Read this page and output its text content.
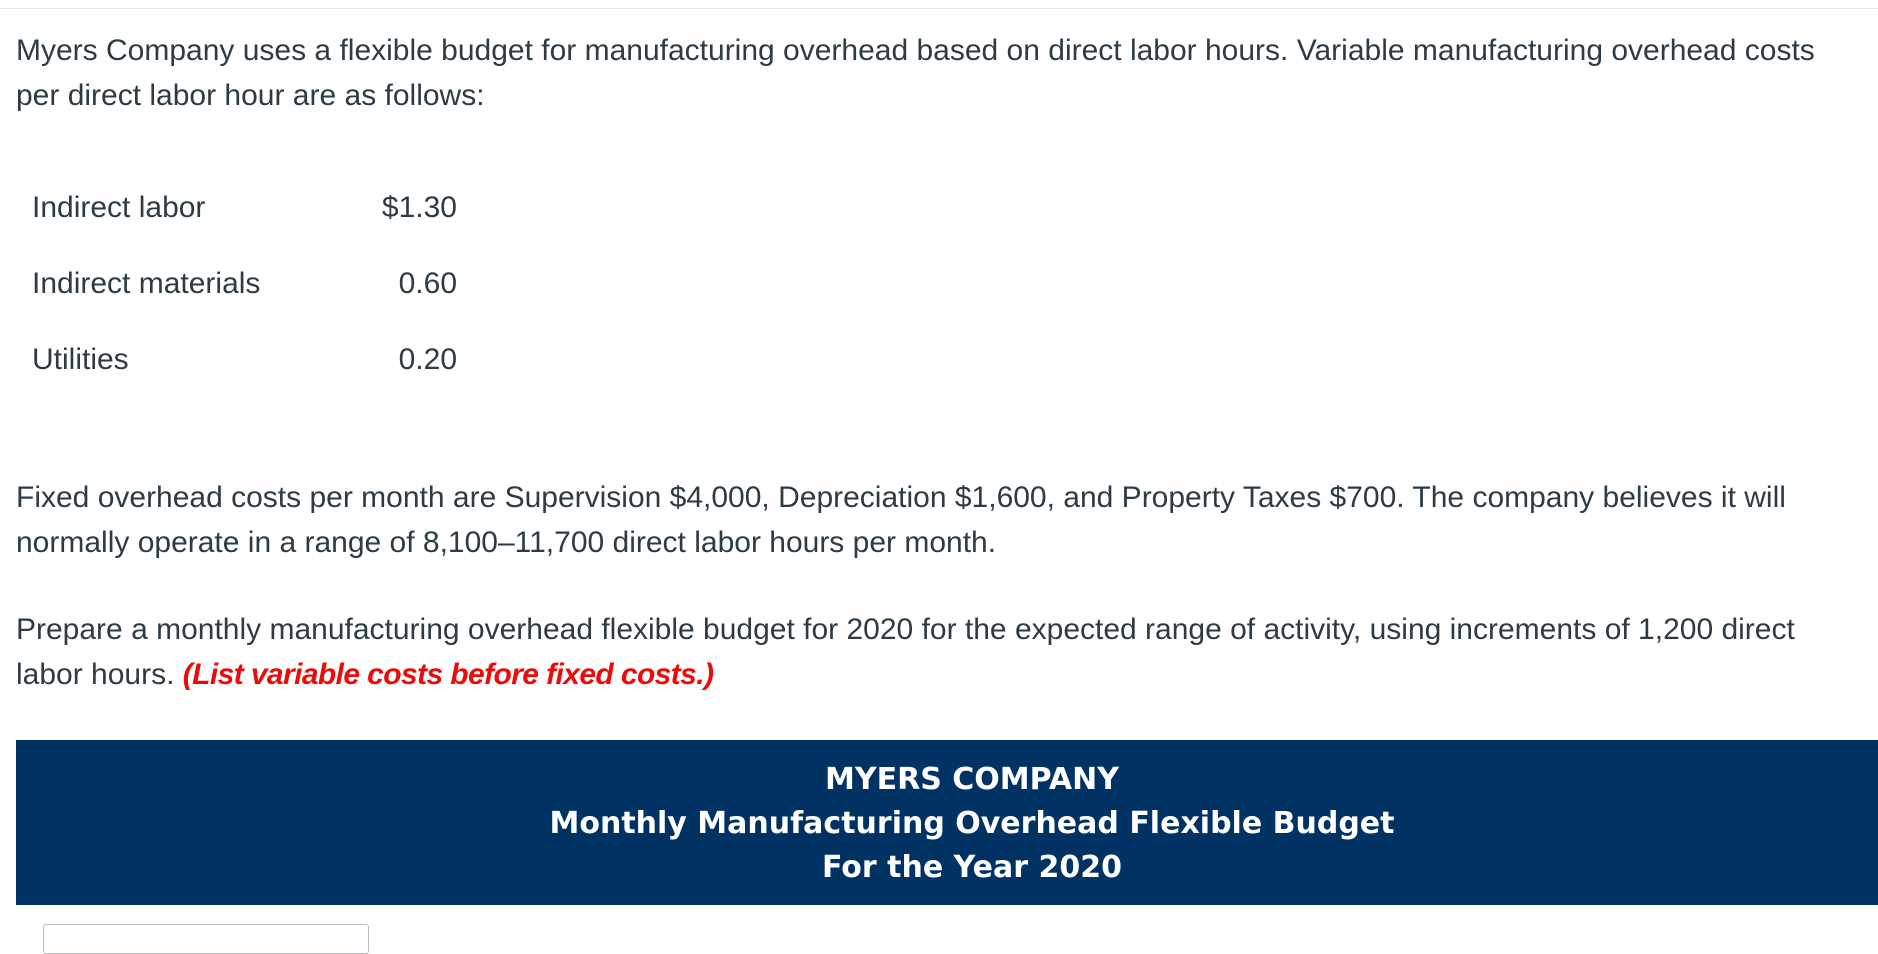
Myers Company uses a flexible budget for manufacturing overhead based on direct labor hours. Variable manufacturing overhead costs per direct labor hour are as follows:

Indirect labor	$1.30
Indirect materials	0.60
Utilities	0.20

Fixed overhead costs per month are Supervision $4,000, Depreciation $1,600, and Property Taxes $700. The company believes it will normally operate in a range of 8,100–11,700 direct labor hours per month.

Prepare a monthly manufacturing overhead flexible budget for 2020 for the expected range of activity, using increments of 1,200 direct labor hours. (List variable costs before fixed costs.)

MYERS COMPANY
Monthly Manufacturing Overhead Flexible Budget
For the Year 2020
